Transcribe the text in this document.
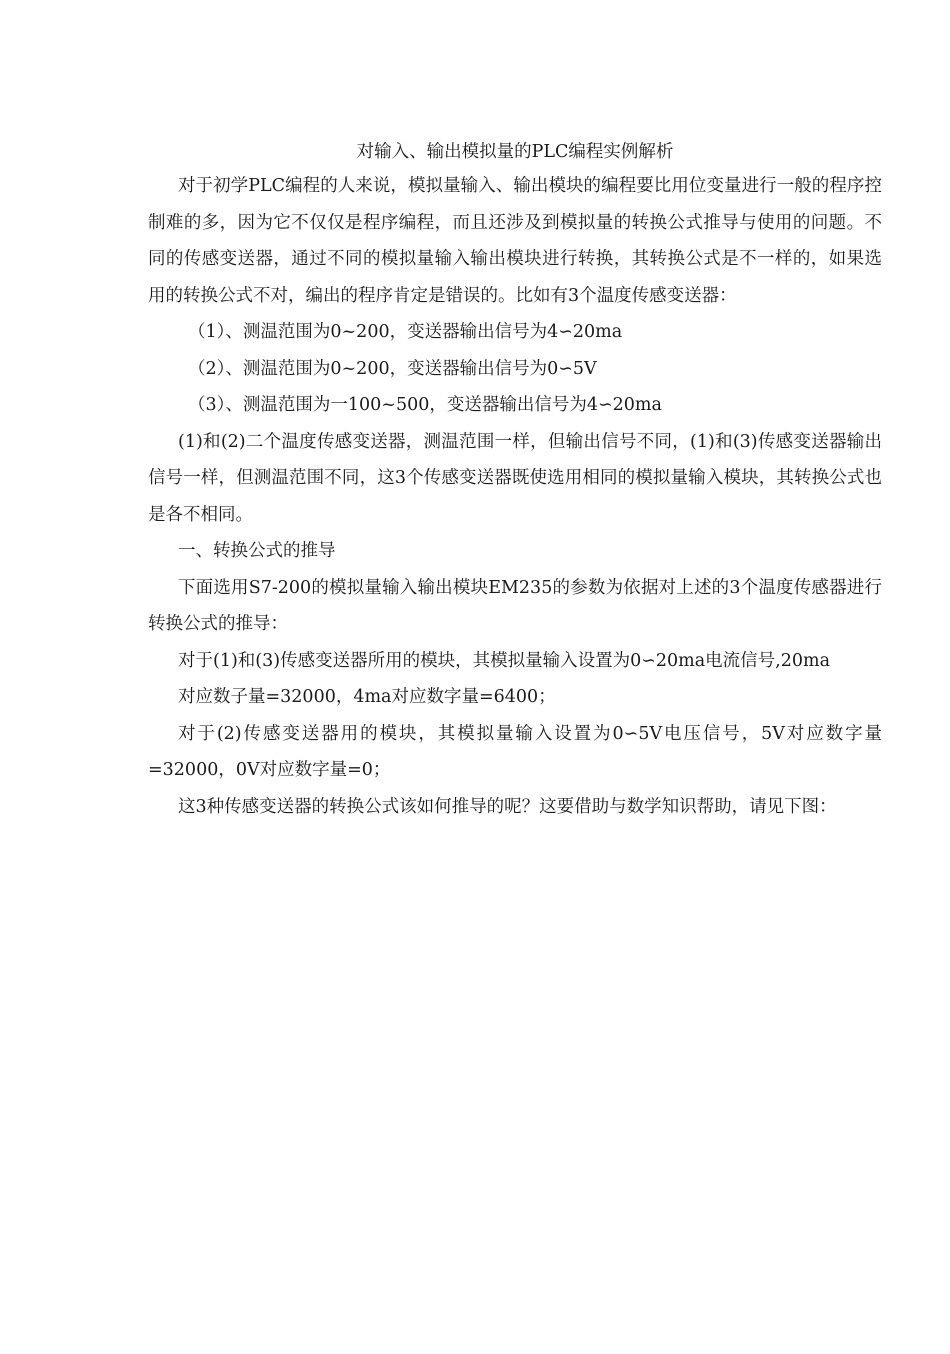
对输入、输出模拟量的PLC编程实例解析

对于初学PLC编程的人来说，模拟量输入、输出模块的编程要比用位变量进行一般的程序控制难的多，因为它不仅仅是程序编程，而且还涉及到模拟量的转换公式推导与使用的问题。不同的传感变送器，通过不同的模拟量输入输出模块进行转换，其转换公式是不一样的，如果选用的转换公式不对，编出的程序肯定是错误的。比如有3个温度传感变送器：

（1）、测温范围为0~200，变送器输出信号为4∽20ma

（2）、测温范围为0~200，变送器输出信号为0∽5V

（3）、测温范围为一100~500，变送器输出信号为4∽20ma

(1)和(2)二个温度传感变送器，测温范围一样，但输出信号不同，(1)和(3)传感变送器输出信号一样，但测温范围不同，这3个传感变送器既使选用相同的模拟量输入模块，其转换公式也是各不相同。

一、转换公式的推导

下面选用S7-200的模拟量输入输出模块EM235的参数为依据对上述的3个温度传感器进行转换公式的推导：

对于(1)和(3)传感变送器所用的模块，其模拟量输入设置为0∽20ma电流信号,20ma

对应数子量=32000，4ma对应数字量=6400；

对于(2)传感变送器用的模块，其模拟量输入设置为0∽5V电压信号，5V对应数字量=32000，0V对应数字量=0；

这3种传感变送器的转换公式该如何推导的呢？这要借助与数学知识帮助，请见下图：
